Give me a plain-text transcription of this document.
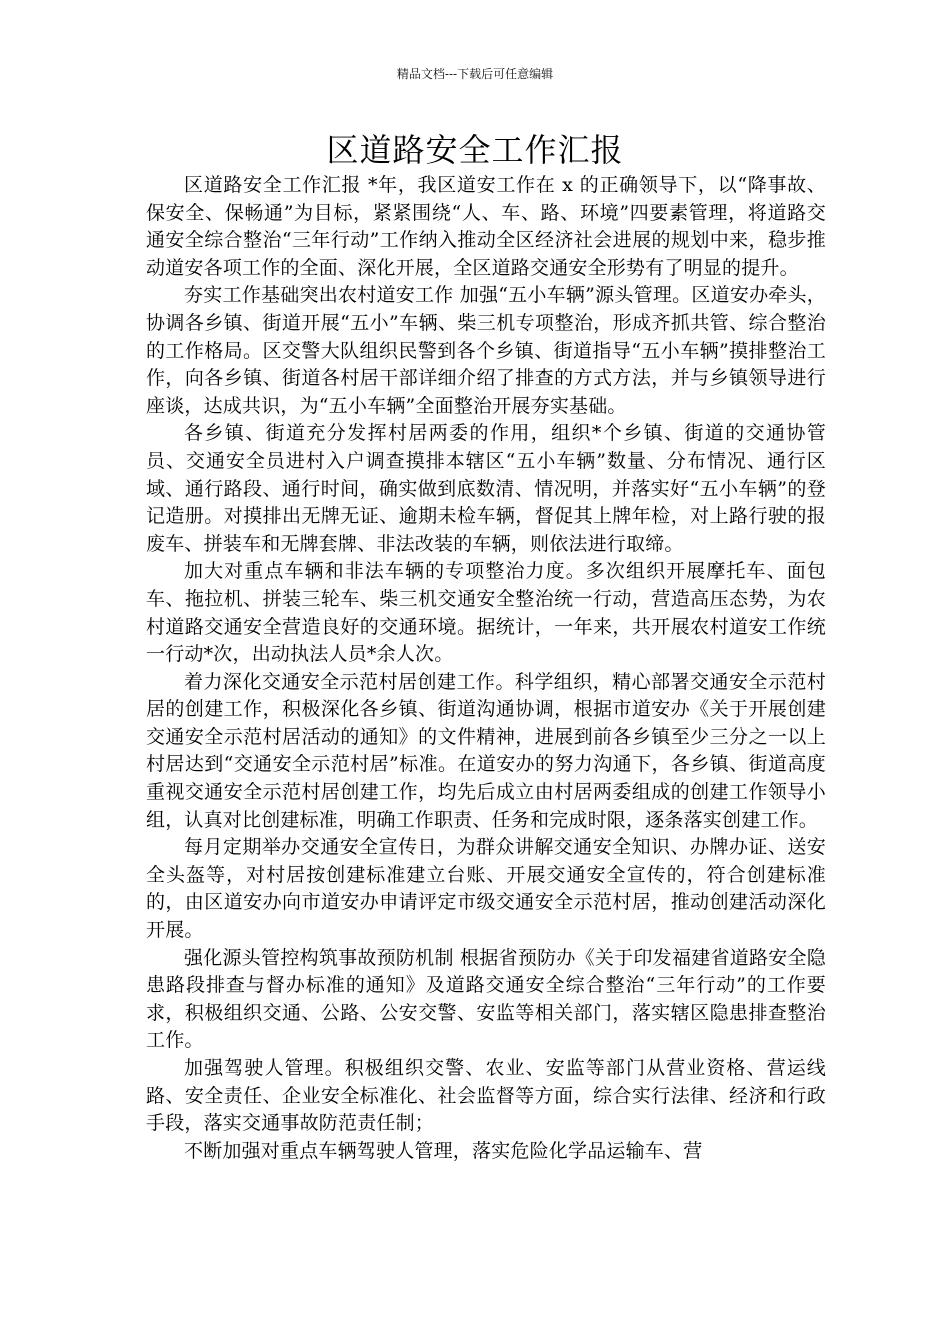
精品文档---下载后可任意编辑
区道路安全工作汇报

区道路安全工作汇报 *年，我区道安工作在 x 的正确领导下，以“降事故、保安全、保畅通”为目标，紧紧围绕“人、车、路、环境”四要素管理，将道路交通安全综合整治“三年行动”工作纳入推动全区经济社会进展的规划中来，稳步推动道安各项工作的全面、深化开展，全区道路交通安全形势有了明显的提升。

夯实工作基础突出农村道安工作 加强“五小车辆”源头管理。区道安办牵头，协调各乡镇、街道开展“五小”车辆、柴三机专项整治，形成齐抓共管、综合整治的工作格局。区交警大队组织民警到各个乡镇、街道指导“五小车辆”摸排整治工作，向各乡镇、街道各村居干部详细介绍了排查的方式方法，并与乡镇领导进行座谈，达成共识，为“五小车辆”全面整治开展夯实基础。

各乡镇、街道充分发挥村居两委的作用，组织*个乡镇、街道的交通协管员、交通安全员进村入户调查摸排本辖区“五小车辆”数量、分布情况、通行区域、通行路段、通行时间，确实做到底数清、情况明，并落实好“五小车辆”的登记造册。对摸排出无牌无证、逾期未检车辆，督促其上牌年检，对上路行驶的报废车、拼装车和无牌套牌、非法改装的车辆，则依法进行取缔。

加大对重点车辆和非法车辆的专项整治力度。多次组织开展摩托车、面包车、拖拉机、拼装三轮车、柴三机交通安全整治统一行动，营造高压态势，为农村道路交通安全营造良好的交通环境。据统计，一年来，共开展农村道安工作统一行动*次，出动执法人员*余人次。

着力深化交通安全示范村居创建工作。科学组织，精心部署交通安全示范村居的创建工作，积极深化各乡镇、街道沟通协调，根据市道安办《关于开展创建交通安全示范村居活动的通知》的文件精神，进展到前各乡镇至少三分之一以上村居达到“交通安全示范村居”标准。在道安办的努力沟通下，各乡镇、街道高度重视交通安全示范村居创建工作，均先后成立由村居两委组成的创建工作领导小组，认真对比创建标准，明确工作职责、任务和完成时限，逐条落实创建工作。

每月定期举办交通安全宣传日，为群众讲解交通安全知识、办牌办证、送安全头盔等，对村居按创建标准建立台账、开展交通安全宣传的，符合创建标准的，由区道安办向市道安办申请评定市级交通安全示范村居，推动创建活动深化开展。

强化源头管控构筑事故预防机制 根据省预防办《关于印发福建省道路安全隐患路段排查与督办标准的通知》及道路交通安全综合整治“三年行动”的工作要求，积极组织交通、公路、公安交警、安监等相关部门，落实辖区隐患排查整治工作。

加强驾驶人管理。积极组织交警、农业、安监等部门从营业资格、营运线路、安全责任、企业安全标准化、社会监督等方面，综合实行法律、经济和行政手段，落实交通事故防范责任制；

不断加强对重点车辆驾驶人管理，落实危险化学品运输车、营
